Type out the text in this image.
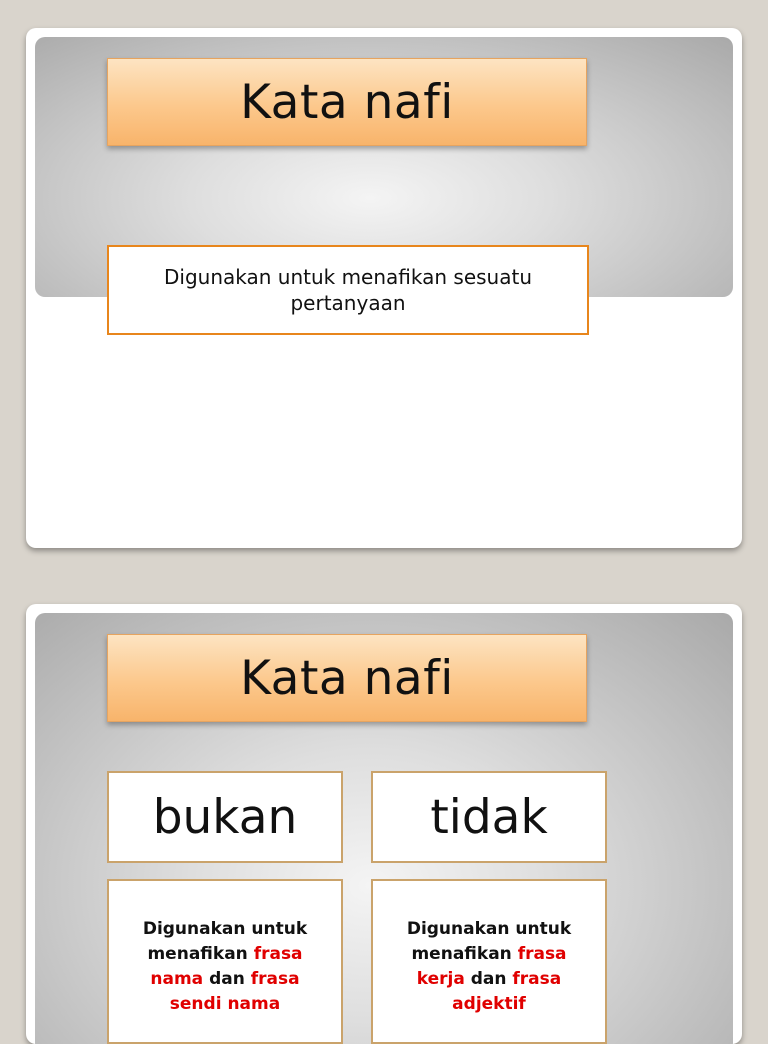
Kata nafi
Digunakan untuk menafikan sesuatu pertanyaan
Kata nafi
bukan	tidak
Digunakan untuk menafikan frasa nama dan frasa sendi nama
Digunakan untuk menafikan frasa kerja dan frasa adjektif
